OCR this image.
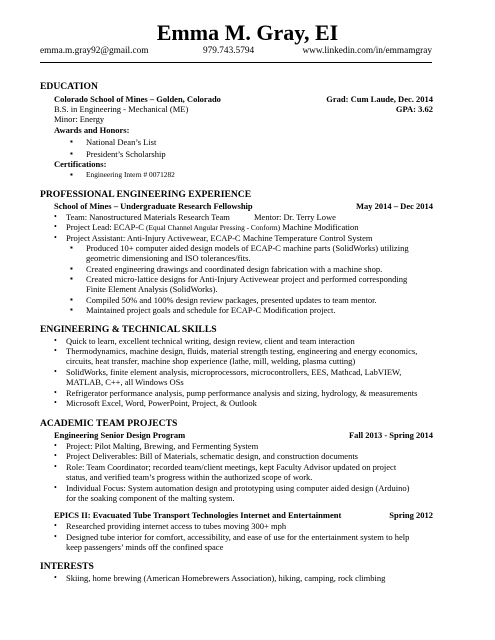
Emma M. Gray, EI
emma.m.gray92@gmail.com	979.743.5794	www.linkedin.com/in/emmamgray
EDUCATION
Colorado School of Mines – Golden, Colorado	Grad: Cum Laude, Dec. 2014
B.S. in Engineering - Mechanical (ME)	GPA: 3.62
Minor: Energy
Awards and Honors:
▪ National Dean’s List
▪ President’s Scholarship
Certifications:
▪ Engineering Intern # 0071282
PROFESSIONAL ENGINEERING EXPERIENCE
School of Mines – Undergraduate Research Fellowship	May 2014 – Dec 2014
• Team: Nanostructured Materials Research Team	Mentor: Dr. Terry Lowe
• Project Lead: ECAP-C (Equal Channel Angular Pressing - Conform) Machine Modification
• Project Assistant: Anti-Injury Activewear, ECAP-C Machine Temperature Control System
▪ Produced 10+ computer aided design models of ECAP-C machine parts (SolidWorks) utilizing
geometric dimensioning and ISO tolerances/fits.
▪ Created engineering drawings and coordinated design fabrication with a machine shop.
▪ Created micro-lattice designs for Anti-Injury Activewear project and performed corresponding
Finite Element Analysis (SolidWorks).
▪ Compiled 50% and 100% design review packages, presented updates to team mentor.
▪ Maintained project goals and schedule for ECAP-C Modification project.
ENGINEERING & TECHNICAL SKILLS
• Quick to learn, excellent technical writing, design review, client and team interaction
• Thermodynamics, machine design, fluids, material strength testing, engineering and energy economics,
circuits, heat transfer, machine shop experience (lathe, mill, welding, plasma cutting)
• SolidWorks, finite element analysis, microprocessors, microcontrollers, EES, Mathcad, LabVIEW,
MATLAB, C++, all Windows OSs
• Refrigerator performance analysis, pump performance analysis and sizing, hydrology, & measurements
• Microsoft Excel, Word, PowerPoint, Project, & Outlook
ACADEMIC TEAM PROJECTS
Engineering Senior Design Program	Fall 2013 - Spring 2014
• Project: Pilot Malting, Brewing, and Fermenting System
• Project Deliverables: Bill of Materials, schematic design, and construction documents
• Role: Team Coordinator; recorded team/client meetings, kept Faculty Advisor updated on project
status, and verified team’s progress within the authorized scope of work.
• Individual Focus: System automation design and prototyping using computer aided design (Arduino)
for the soaking component of the malting system.
EPICS II: Evacuated Tube Transport Technologies Internet and Entertainment	Spring 2012
• Researched providing internet access to tubes moving 300+ mph
• Designed tube interior for comfort, accessibility, and ease of use for the entertainment system to help
keep passengers’ minds off the confined space
INTERESTS
• Skiing, home brewing (American Homebrewers Association), hiking, camping, rock climbing
